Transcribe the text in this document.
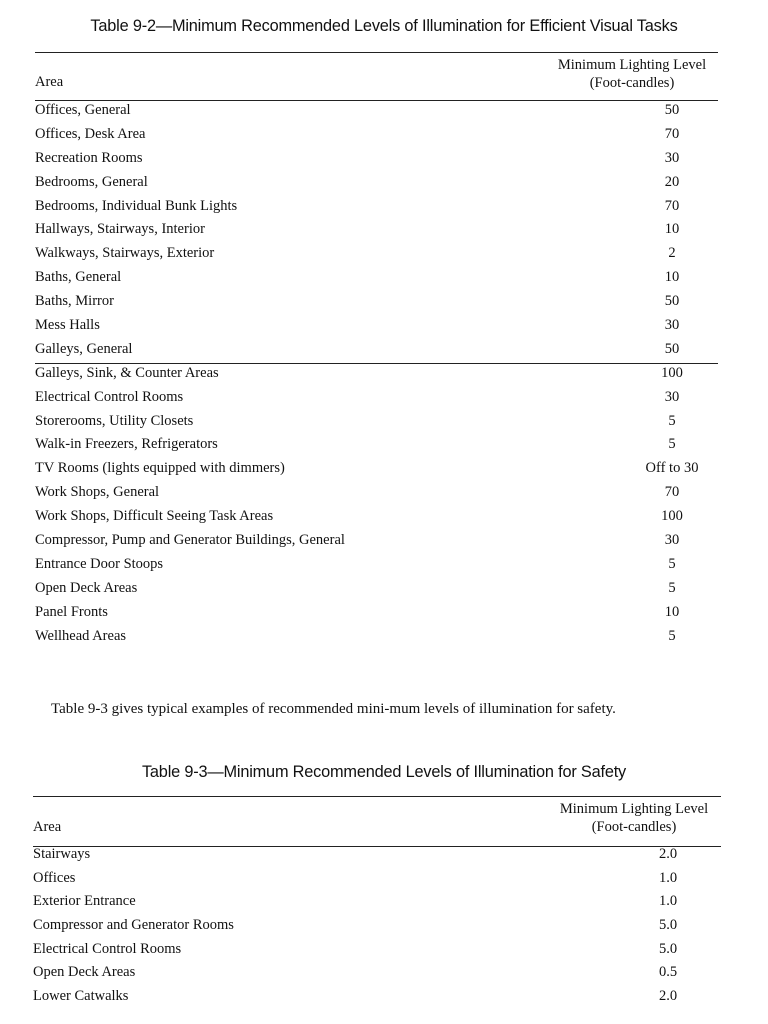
Table 9-2—Minimum Recommended Levels of Illumination for Efficient Visual Tasks
Minimum Lighting Level
(Foot-candles)
Area
Offices, General	50
Offices, Desk Area	70
Recreation Rooms	30
Bedrooms, General	20
Bedrooms, Individual Bunk Lights	70
Hallways, Stairways, Interior	10
Walkways, Stairways, Exterior	2
Baths, General	10
Baths, Mirror	50
Mess Halls	30
Galleys, General	50
Galleys, Sink, & Counter Areas	100
Electrical Control Rooms	30
Storerooms, Utility Closets	5
Walk-in Freezers, Refrigerators	5
TV Rooms (lights equipped with dimmers)	Off to 30
Work Shops, General	70
Work Shops, Difficult Seeing Task Areas	100
Compressor, Pump and Generator Buildings, General	30
Entrance Door Stoops	5
Open Deck Areas	5
Panel Fronts	10
Wellhead Areas	5
Table 9-3 gives typical examples of recommended mini-mum levels of illumination for safety.
Table 9-3—Minimum Recommended Levels of Illumination for Safety
Minimum Lighting Level
(Foot-candles)
Area
Stairways	2.0
Offices	1.0
Exterior Entrance	1.0
Compressor and Generator Rooms	5.0
Electrical Control Rooms	5.0
Open Deck Areas	0.5
Lower Catwalks	2.0
